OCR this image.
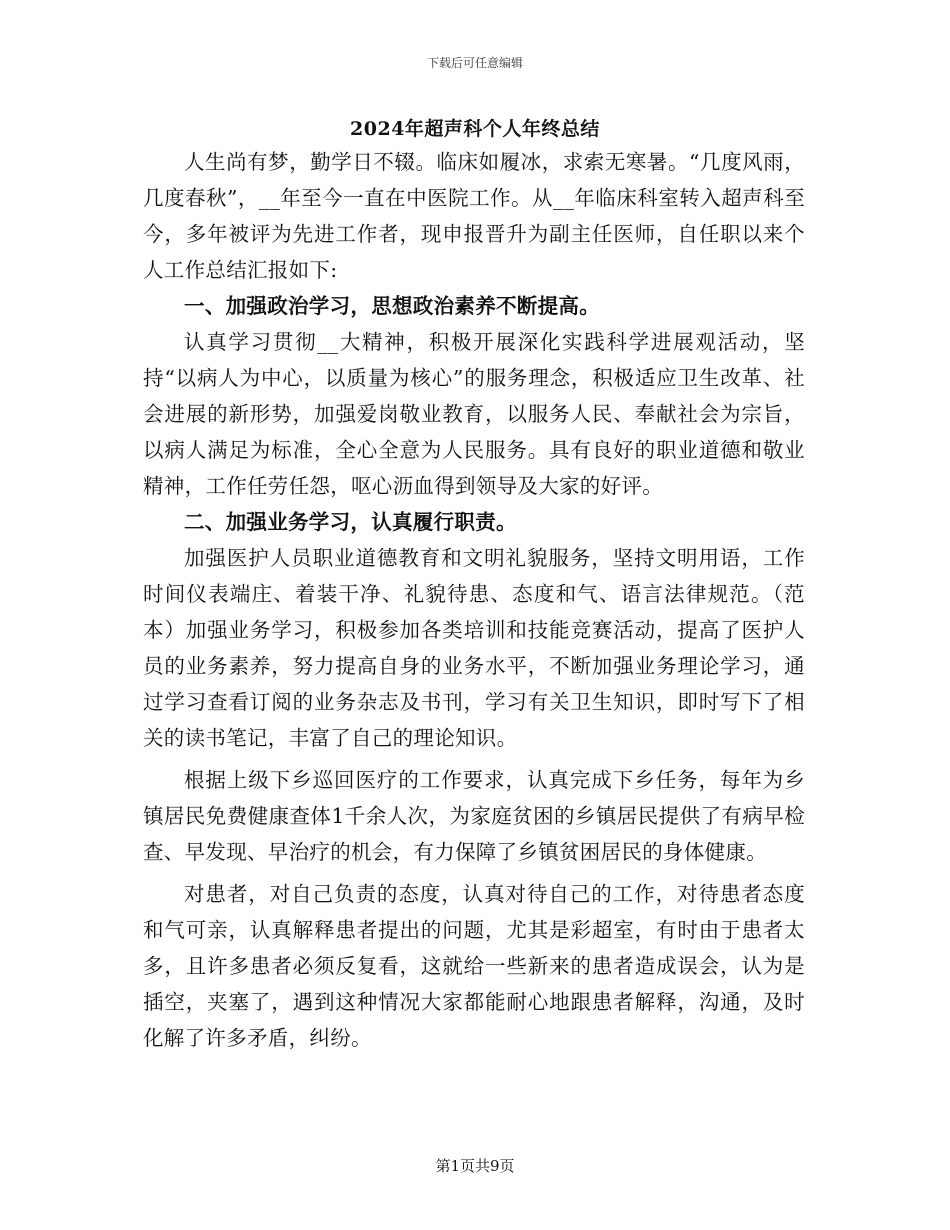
下载后可任意编辑
2024年超声科个人年终总结

人生尚有梦，勤学日不辍。临床如履冰，求索无寒暑。“几度风雨，几度春秋”，__年至今一直在中医院工作。从__年临床科室转入超声科至今，多年被评为先进工作者，现申报晋升为副主任医师，自任职以来个人工作总结汇报如下:

一、加强政治学习，思想政治素养不断提高。

认真学习贯彻__大精神，积极开展深化实践科学进展观活动，坚持“以病人为中心，以质量为核心”的服务理念，积极适应卫生改革、社会进展的新形势，加强爱岗敬业教育，以服务人民、奉献社会为宗旨，以病人满足为标准，全心全意为人民服务。具有良好的职业道德和敬业精神，工作任劳任怨，呕心沥血得到领导及大家的好评。

二、加强业务学习，认真履行职责。

加强医护人员职业道德教育和文明礼貌服务，坚持文明用语，工作时间仪表端庄、着装干净、礼貌待患、态度和气、语言法律规范。（范本）加强业务学习，积极参加各类培训和技能竞赛活动，提高了医护人员的业务素养，努力提高自身的业务水平，不断加强业务理论学习，通过学习查看订阅的业务杂志及书刊，学习有关卫生知识，即时写下了相关的读书笔记，丰富了自己的理论知识。

根据上级下乡巡回医疗的工作要求，认真完成下乡任务，每年为乡镇居民免费健康查体1千余人次，为家庭贫困的乡镇居民提供了有病早检查、早发现、早治疗的机会，有力保障了乡镇贫困居民的身体健康。

对患者，对自己负责的态度，认真对待自己的工作，对待患者态度和气可亲，认真解释患者提出的问题，尤其是彩超室，有时由于患者太多，且许多患者必须反复看，这就给一些新来的患者造成误会，认为是插空，夹塞了，遇到这种情况大家都能耐心地跟患者解释，沟通，及时化解了许多矛盾，纠纷。

第1页共9页
